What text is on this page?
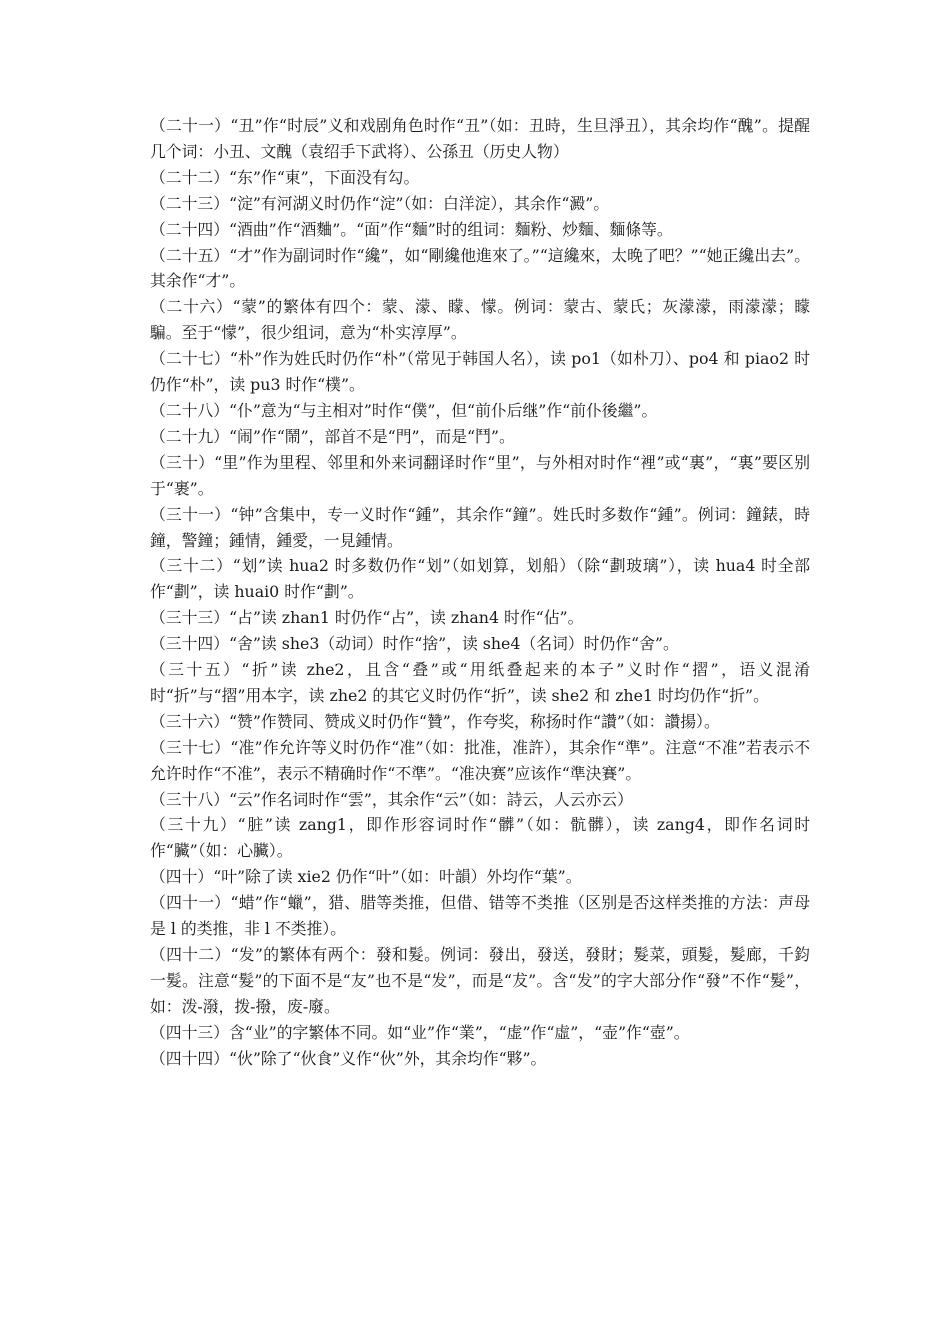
（二十一）“丑”作“时辰”义和戏剧角色时作“丑”（如：丑時，生旦淨丑），其余均作“醜”。提醒几个词：小丑、文醜（袁绍手下武将）、公孫丑（历史人物）

（二十二）“东”作“東”，下面没有勾。

（二十三）“淀”有河湖义时仍作“淀”（如：白洋淀），其余作“澱”。

（二十四）“酒曲”作“酒麯”。“面”作“麵”时的组词：麵粉、炒麵、麵條等。

（二十五）“才”作为副词时作“纔”，如“剛纔他進來了。”“這纔來，太晚了吧？”“她正纔出去”。其余作“才”。

（二十六）“蒙”的繁体有四个：蒙、濛、矇、懞。例词：蒙古、蒙氏；灰濛濛，雨濛濛；矇騙。至于“懞”，很少组词，意为“朴实淳厚”。

（二十七）“朴”作为姓氏时仍作“朴”（常见于韩国人名），读 po1（如朴刀）、po4 和 piao2 时仍作“朴”，读 pu3 时作“樸”。

（二十八）“仆”意为“与主相对”时作“僕”，但“前仆后继”作“前仆後繼”。

（二十九）“闹”作“鬧”，部首不是“門”，而是“鬥”。

（三十）“里”作为里程、邻里和外来词翻译时作“里”，与外相对时作“裡”或“裏”，“裏”要区别于“裹”。

（三十一）“钟”含集中，专一义时作“鍾”，其余作“鐘”。姓氏时多数作“鍾”。例词：鐘錶，時鐘，警鐘；鍾情，鍾愛，一見鍾情。

（三十二）“划”读 hua2 时多数仍作“划”（如划算，划船）（除“劃玻璃”），读 hua4 时全部作“劃”，读 huai0 时作“劃”。

（三十三）“占”读 zhan1 时仍作“占”，读 zhan4 时作“佔”。

（三十四）“舍”读 she3（动词）时作“捨”，读 she4（名词）时仍作“舍”。

（三十五）“折”读 zhe2，且含“叠”或“用纸叠起来的本子”义时作“摺”，语义混淆时“折”与“摺”用本字，读 zhe2 的其它义时仍作“折”，读 she2 和 zhe1 时均仍作“折”。

（三十六）“赞”作赞同、赞成义时仍作“贊”，作夸奖，称扬时作“讚”（如：讚揚）。

（三十七）“准”作允许等义时仍作“准”（如：批准，准許），其余作“準”。注意“不准”若表示不允许时作“不准”，表示不精确时作“不準”。“准决赛”应该作“準決賽”。

（三十八）“云”作名词时作“雲”，其余作“云”（如：詩云，人云亦云）

（三十九）“脏”读 zang1，即作形容词时作“髒”（如：骯髒），读 zang4，即作名词时作“臟”（如：心臟）。

（四十）“叶”除了读 xie2 仍作“叶”（如：叶韻）外均作“葉”。

（四十一）“蜡”作“蠟”，猎、腊等类推，但借、错等不类推（区别是否这样类推的方法：声母是 l 的类推，非 l 不类推）。

（四十二）“发”的繁体有两个：發和髮。例词：發出，發送，發財；髮菜，頭髮，髮廊，千鈞一髮。注意“髮”的下面不是“友”也不是“发”，而是“犮”。含“发”的字大部分作“發”不作“髮”，如：泼-潑，拨-撥，废-廢。

（四十三）含“业”的字繁体不同。如“业”作“業”，“虚”作“虛”，“壶”作“壺”。

（四十四）“伙”除了“伙食”义作“伙”外，其余均作“夥”。
